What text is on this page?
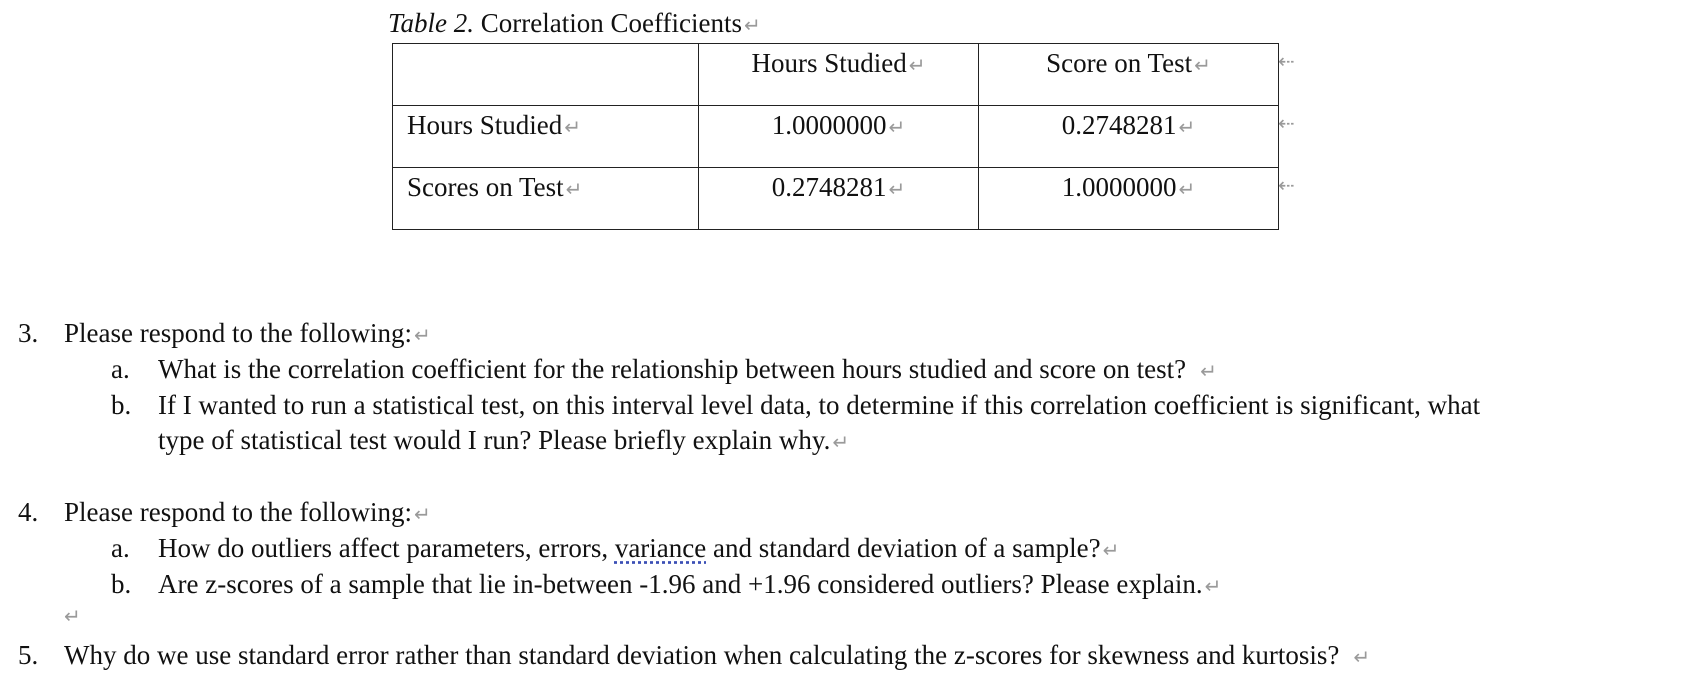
Table 2. Correlation Coefficients ↵
	Hours Studied ↵	Score on Test ↵
Hours Studied ↵	1.0000000 ↵	0.2748281 ↵
Scores on Test ↵	0.2748281 ↵	1.0000000 ↵
⇠
⇠
⇠
3. Please respond to the following: ↵
a. What is the correlation coefficient for the relationship between hours studied and score on test? ↵
b. If I wanted to run a statistical test, on this interval level data, to determine if this correlation coefficient is significant, what
type of statistical test would I run? Please briefly explain why. ↵
4. Please respond to the following: ↵
a. How do outliers affect parameters, errors, variance and standard deviation of a sample? ↵
b. Are z-scores of a sample that lie in-between -1.96 and +1.96 considered outliers? Please explain. ↵
↵
5. Why do we use standard error rather than standard deviation when calculating the z-scores for skewness and kurtosis? ↵
